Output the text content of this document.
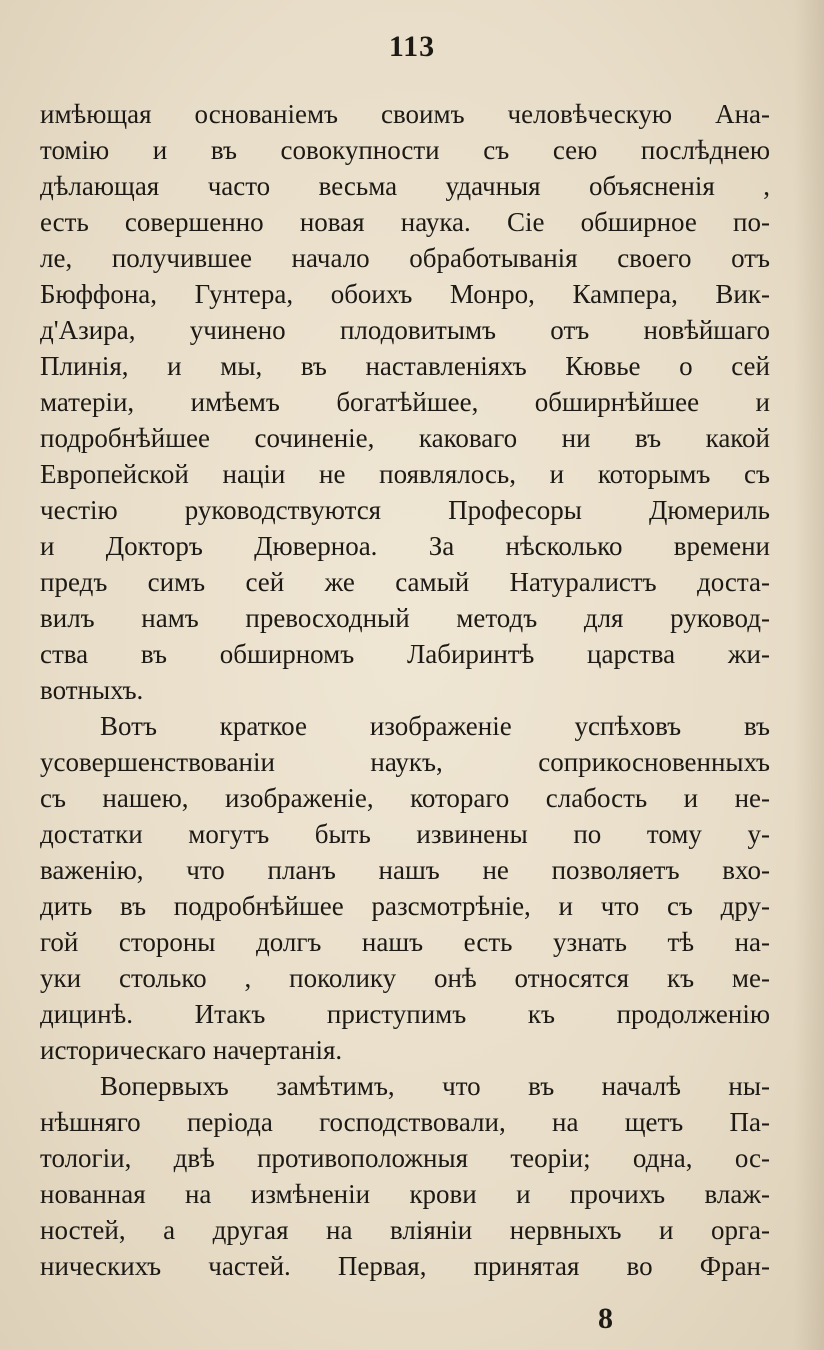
113

имѣющая основаніемъ своимъ человѣческую Ана-
томію и въ совокупности съ сею послѣднею
дѣлающая часто весьма удачныя объясненія ,
есть совершенно новая наука. Сіе обширное по-
ле, получившее начало обработыванія своего отъ
Бюффона, Гунтера, обоихъ Монро, Кампера, Вик-
д'Азира, учинено плодовитымъ отъ новѣйшаго
Плинія, и мы, въ наставленіяхъ Кювье о сей
матеріи, имѣемъ богатѣйшее, обширнѣйшее и
подробнѣйшее сочиненіе, каковаго ни въ какой
Европейской націи не появлялось, и которымъ съ
честію руководствуются Професоры Дюмериль
и Докторъ Дюверноа. За нѣсколько времени
предъ симъ сей же самый Натуралистъ доста-
вилъ намъ превосходный методъ для руковод-
ства въ обширномъ Лабиринтѣ царства жи-
вотныхъ.

Вотъ краткое изображеніе успѣховъ въ
усовершенствованіи наукъ, соприкосновенныхъ
съ нашею, изображеніе, котораго слабость и не-
достатки могутъ быть извинены по тому у-
важенію, что планъ нашъ не позволяетъ вхо-
дить въ подробнѣйшее разсмотрѣніе, и что съ дру-
гой стороны долгъ нашъ есть узнать тѣ на-
уки столько , поколику онѣ относятся къ ме-
дицинѣ. Итакъ приступимъ къ продолженію
историческаго начертанія.

Вопервыхъ замѣтимъ, что въ началѣ ны-
нѣшняго періода господствовали, на щетъ Па-
тологіи, двѣ противоположныя теоріи; одна, ос-
нованная на измѣненіи крови и прочихъ влаж-
ностей, а другая на вліяніи нервныхъ и орга-
ническихъ частей. Первая, принятая во Фран-

8
